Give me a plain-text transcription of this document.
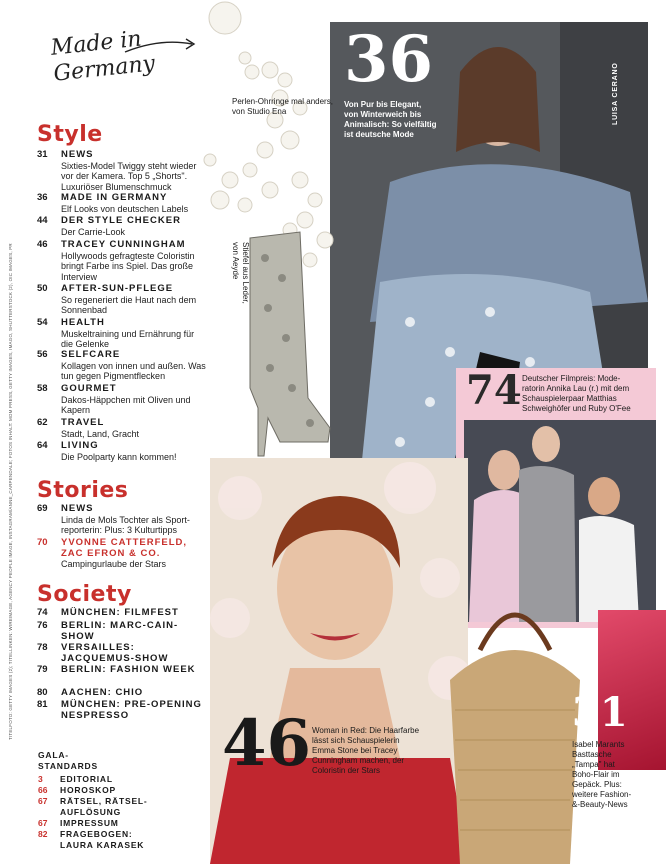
Made in
Germany
Perlen-Ohrringe mal anders,
von Studio Ena
Stiefel aus Leder,
von Aeyde
36
Von Pur bis Elegant,
von Winterweich bis
Animalisch: So vielfältig
ist deutsche Mode
LUISA CERANO
74 Deutscher Filmpreis: Mode-
ratorin Annika Lau (r.) mit dem
Schauspielerpaar Matthias
Schweighöfer und Ruby O'Fee
46 Woman in Red: Die Haarfarbe
lässt sich Schauspielerin
Emma Stone bei Tracey
Cunningham machen, der
Coloristin der Stars
31
Isabel Marants
Basttasche
„Tampa" hat
Boho-Flair im
Gepäck. Plus:
weitere Fashion-
&-Beauty-News
TITELFOTO: GETTY IMAGES (2); TITELLINKEN: WIREIMAGE, AGENCY PEOPLE IMAGE, INSTAGRAM/ANNE_CARPENDALE; FOTOS INHALT: MOM PRESS, GETTY IMAGES, IMAGO, SHUTTERSTOCK (2), OIC IMAGES, PR
Style
31 NEWS
Sixties-Model Twiggy steht wieder vor der Kamera. Top 5 „Shorts". Luxuriöser Blumenschmuck
36 MADE IN GERMANY
Elf Looks von deutschen Labels
44 DER STYLE CHECKER
Der Carrie-Look
46 TRACEY CUNNINGHAM
Hollywoods gefragteste Coloristin bringt Farbe ins Spiel. Das große Interview
50 AFTER-SUN-PFLEGE
So regeneriert die Haut nach dem Sonnenbad
54 HEALTH
Muskeltraining und Ernährung für die Gelenke
56 SELFCARE
Kollagen von innen und außen. Was tun gegen Pigmentflecken
58 GOURMET
Dakos-Häppchen mit Oliven und Kapern
62 TRAVEL
Stadt, Land, Gracht
64 LIVING
Die Poolparty kann kommen!
Stories
69 NEWS
Linda de Mols Tochter als Sport-reporterin: Plus: 3 Kulturtipps
70 YVONNE CATTERFELD, ZAC EFRON & CO.
Campingurlaube der Stars
Society
74 MÜNCHEN: FILMFEST
76 BERLIN: MARC-CAIN-SHOW
78 VERSAILLES: JACQUEMUS-SHOW
79 BERLIN: FASHION WEEK
80 AACHEN: CHIO
81 MÜNCHEN: PRE-OPENING NESPRESSO
GALA-
STANDARDS
3 EDITORIAL
66 HOROSKOP
67 RÄTSEL, RÄTSEL-AUFLÖSUNG
67 IMPRESSUM
82 FRAGEBOGEN: LAURA KARASEK
